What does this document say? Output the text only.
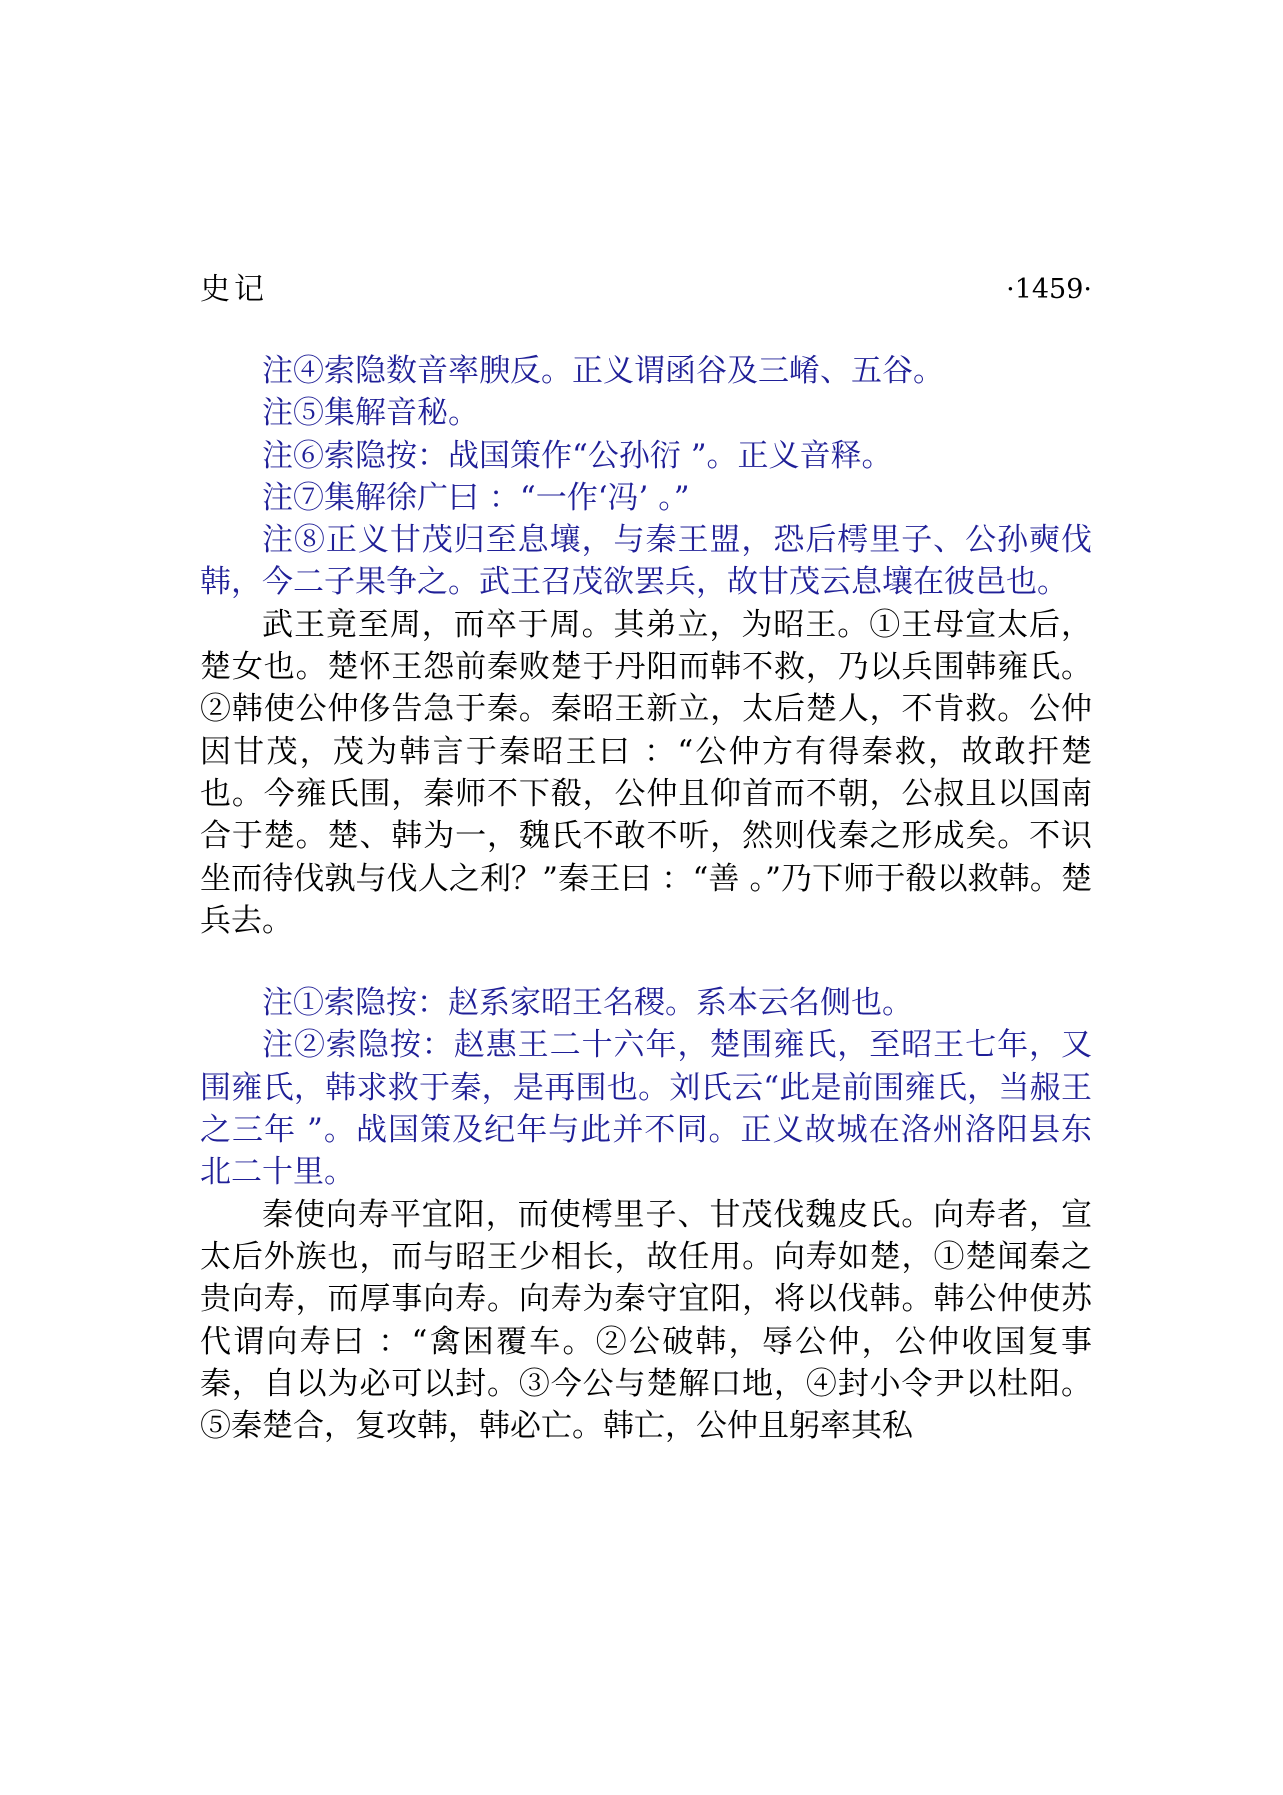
史记	·1459·

注④索隐数音率腴反。正义谓函谷及三崤、五谷。

注⑤集解音秘。

注⑥索隐按：战国策作“公孙衍 ”。正义音释。

注⑦集解徐广曰 ：“一作‘冯’ 。”

注⑧正义甘茂归至息壤，与秦王盟，恐后樗里子、公孙奭伐韩，今二子果争之。武王召茂欲罢兵，故甘茂云息壤在彼邑也。

武王竟至周，而卒于周。其弟立，为昭王。①王母宣太后，楚女也。楚怀王怨前秦败楚于丹阳而韩不救，乃以兵围韩雍氏。②韩使公仲侈告急于秦。秦昭王新立，太后楚人，不肯救。公仲因甘茂，茂为韩言于秦昭王曰 ：“公仲方有得秦救，故敢扞楚也。今雍氏围，秦师不下殽，公仲且仰首而不朝，公叔且以国南合于楚。楚、韩为一，魏氏不敢不听，然则伐秦之形成矣。不识坐而待伐孰与伐人之利？”秦王曰 ：“善 。”乃下师于殽以救韩。楚兵去。

注①索隐按：赵系家昭王名稷。系本云名侧也。

注②索隐按：赵惠王二十六年，楚围雍氏，至昭王七年，又围雍氏，韩求救于秦，是再围也。刘氏云“此是前围雍氏，当赧王之三年 ”。战国策及纪年与此并不同。正义故城在洛州洛阳县东北二十里。

秦使向寿平宜阳，而使樗里子、甘茂伐魏皮氏。向寿者，宣太后外族也，而与昭王少相长，故任用。向寿如楚，①楚闻秦之贵向寿，而厚事向寿。向寿为秦守宜阳，将以伐韩。韩公仲使苏代谓向寿曰 ：“禽困覆车。②公破韩，辱公仲，公仲收国复事秦，自以为必可以封。③今公与楚解口地，④封小令尹以杜阳。⑤秦楚合，复攻韩，韩必亡。韩亡，公仲且躬率其私
